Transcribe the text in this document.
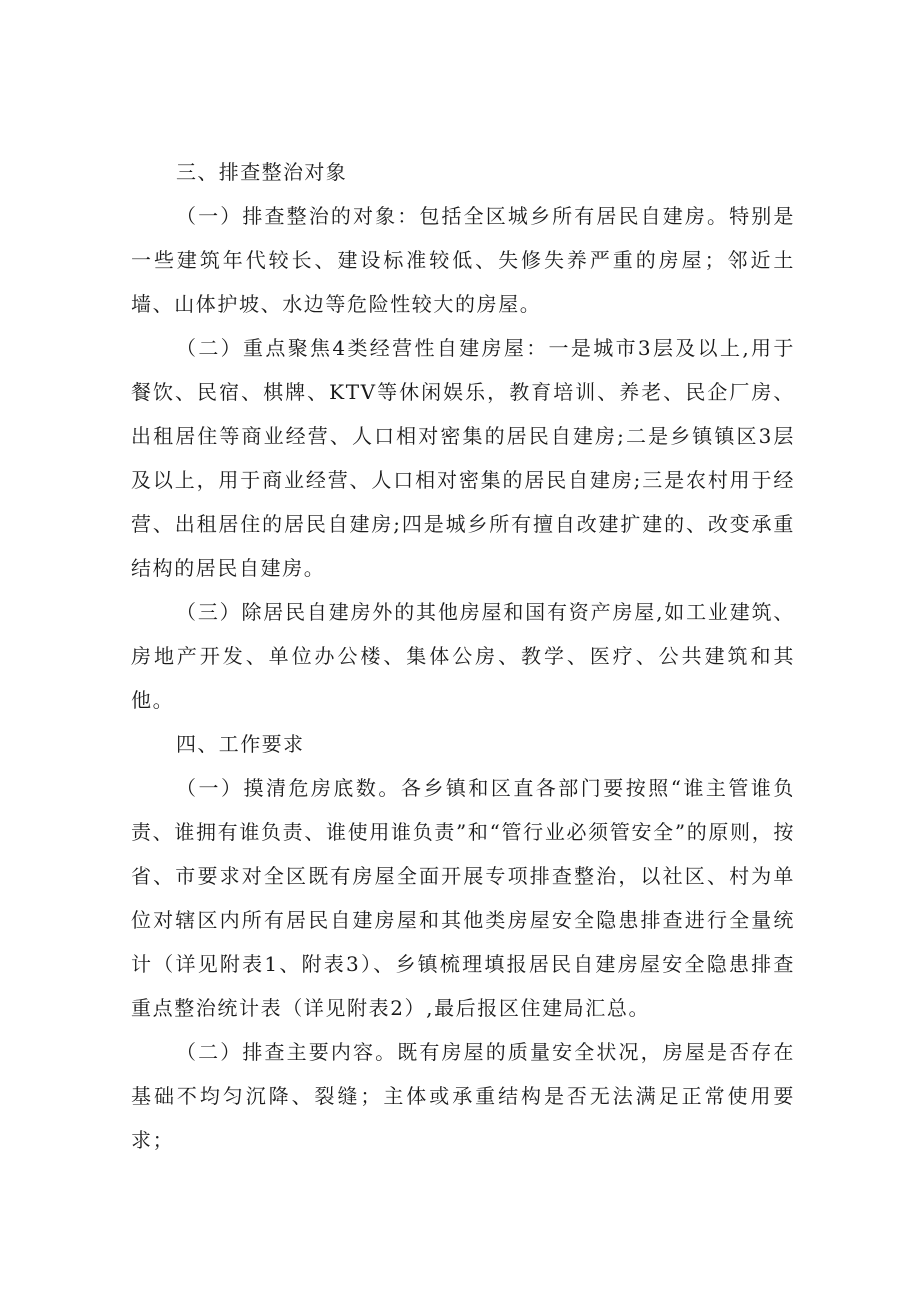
三、排查整治对象

（一）排查整治的对象：包括全区城乡所有居民自建房。特别是一些建筑年代较长、建设标准较低、失修失养严重的房屋；邻近土墙、山体护坡、水边等危险性较大的房屋。

（二）重点聚焦4类经营性自建房屋：一是城市3层及以上,用于餐饮、民宿、棋牌、KTV等休闲娱乐，教育培训、养老、民企厂房、出租居住等商业经营、人口相对密集的居民自建房;二是乡镇镇区3层及以上，用于商业经营、人口相对密集的居民自建房;三是农村用于经营、出租居住的居民自建房;四是城乡所有擅自改建扩建的、改变承重结构的居民自建房。

（三）除居民自建房外的其他房屋和国有资产房屋,如工业建筑、房地产开发、单位办公楼、集体公房、教学、医疗、公共建筑和其他。

四、工作要求

（一）摸清危房底数。各乡镇和区直各部门要按照“谁主管谁负责、谁拥有谁负责、谁使用谁负责”和“管行业必须管安全”的原则，按省、市要求对全区既有房屋全面开展专项排查整治，以社区、村为单位对辖区内所有居民自建房屋和其他类房屋安全隐患排查进行全量统计（详见附表1、附表3）、乡镇梳理填报居民自建房屋安全隐患排查重点整治统计表（详见附表2）,最后报区住建局汇总。

（二）排查主要内容。既有房屋的质量安全状况，房屋是否存在基础不均匀沉降、裂缝；主体或承重结构是否无法满足正常使用要求；
